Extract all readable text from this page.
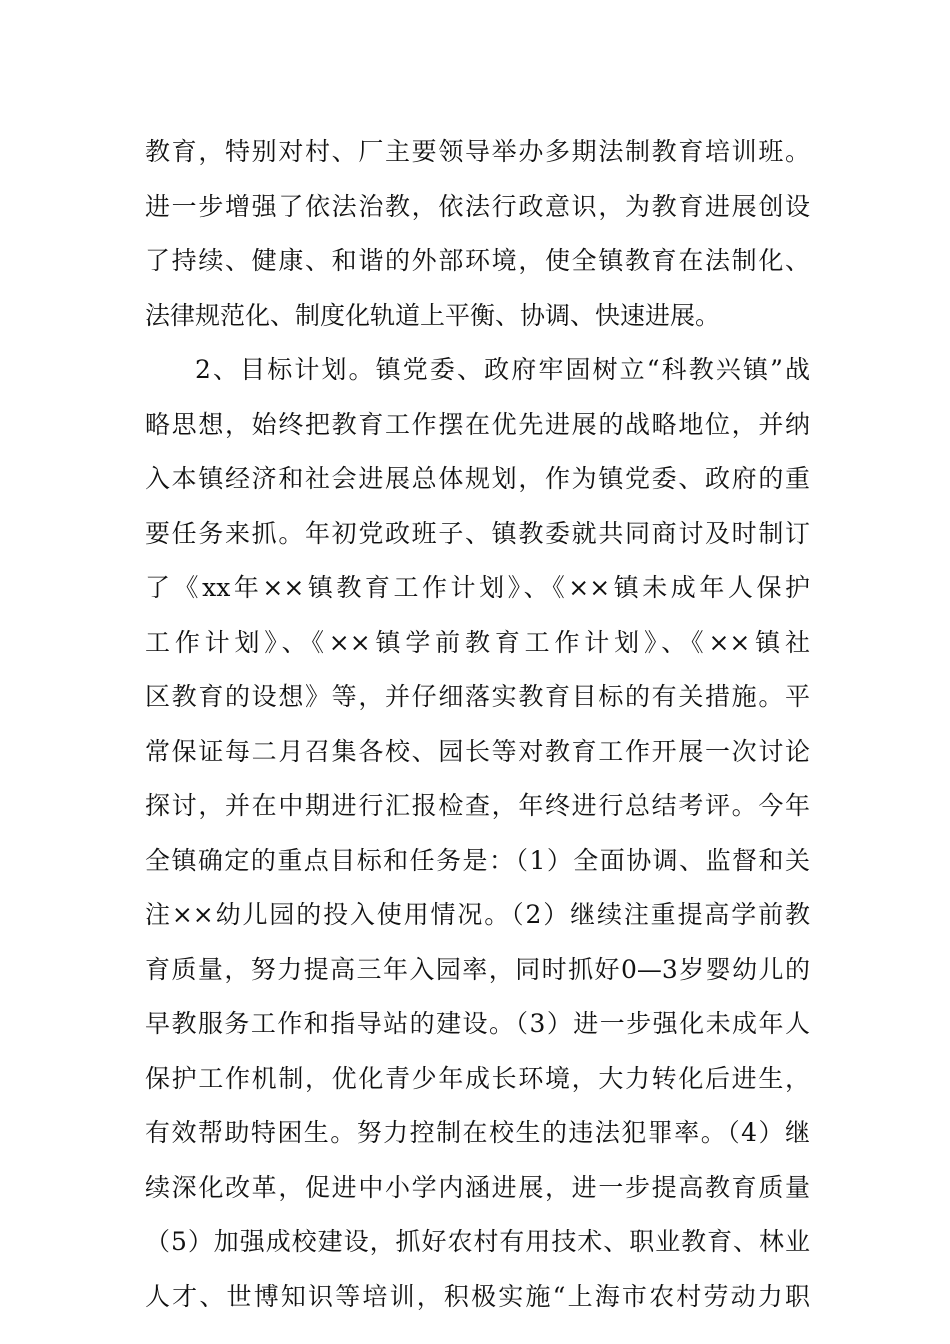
教育，特别对村、厂主要领导举办多期法制教育培训班。
进一步增强了依法治教，依法行政意识，为教育进展创设
了持续、健康、和谐的外部环境，使全镇教育在法制化、
法律规范化、制度化轨道上平衡、协调、快速进展。
2、目标计划。镇党委、政府牢固树立“科教兴镇”战
略思想，始终把教育工作摆在优先进展的战略地位，并纳
入本镇经济和社会进展总体规划，作为镇党委、政府的重
要任务来抓。年初党政班子、镇教委就共同商讨及时制订
了《xx年××镇教育工作计划》、《××镇未成年人保护
工作计划》、《××镇学前教育工作计划》、《××镇社
区教育的设想》等，并仔细落实教育目标的有关措施。平
常保证每二月召集各校、园长等对教育工作开展一次讨论
探讨，并在中期进行汇报检查，年终进行总结考评。今年
全镇确定的重点目标和任务是：（1）全面协调、监督和关
注××幼儿园的投入使用情况。（2）继续注重提高学前教
育质量，努力提高三年入园率，同时抓好0—3岁婴幼儿的
早教服务工作和指导站的建设。（3）进一步强化未成年人
保护工作机制，优化青少年成长环境，大力转化后进生，
有效帮助特困生。努力控制在校生的违法犯罪率。（4）继
续深化改革，促进中小学内涵进展，进一步提高教育质量
（5）加强成校建设，抓好农村有用技术、职业教育、林业
人才、世博知识等培训，积极实施“上海市农村劳动力职
